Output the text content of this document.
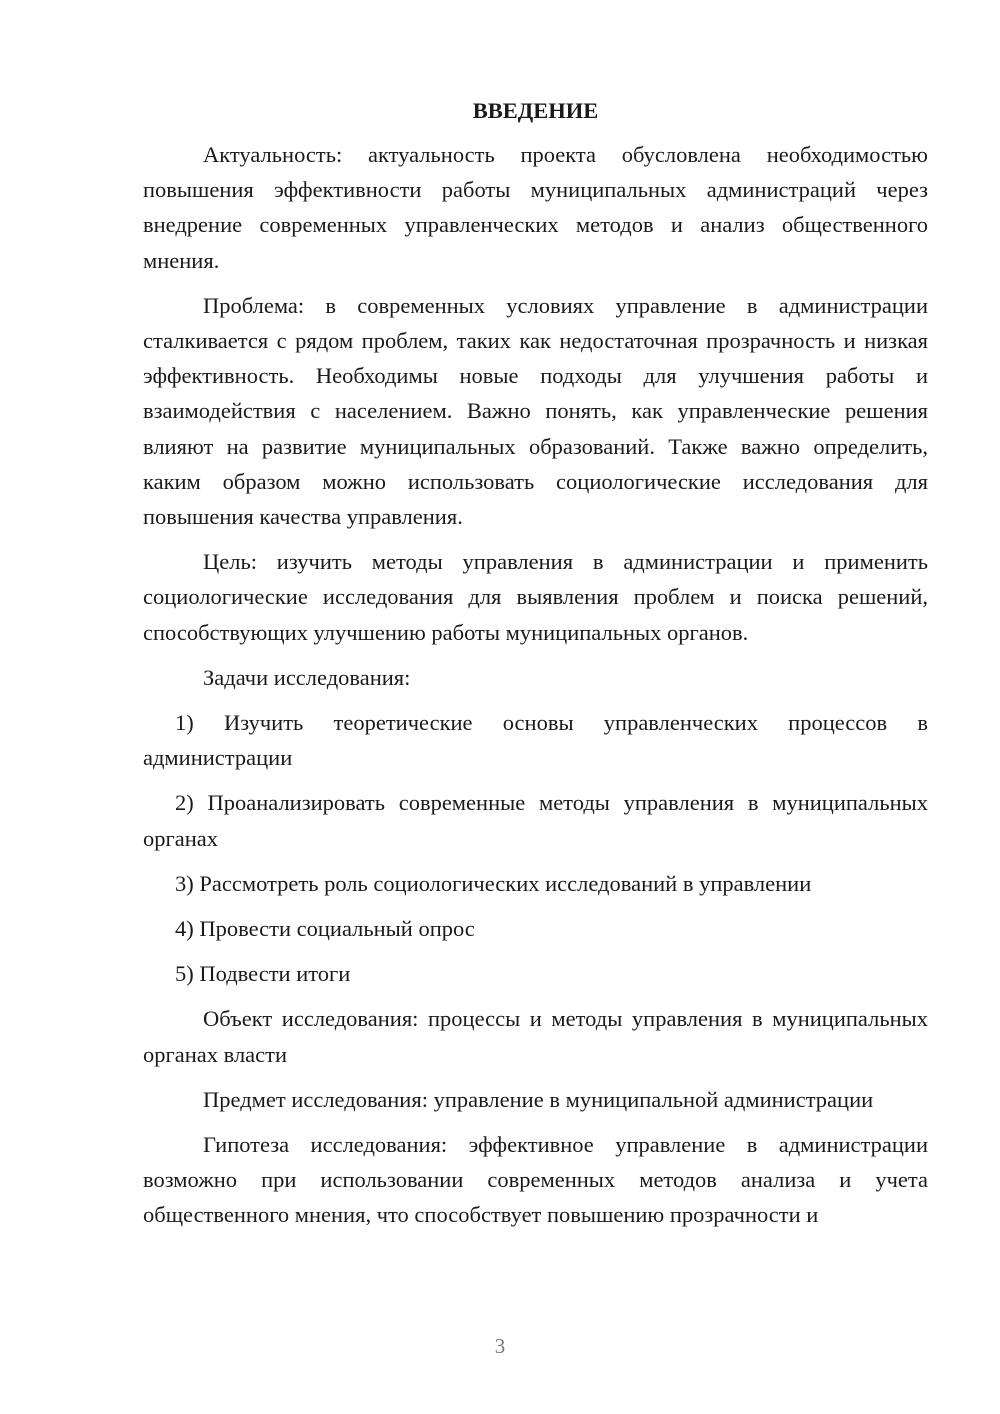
ВВЕДЕНИЕ

Актуальность: актуальность проекта обусловлена необходимостью повышения эффективности работы муниципальных администраций через внедрение современных управленческих методов и анализ общественного мнения.

Проблема: в современных условиях управление в администрации сталкивается с рядом проблем, таких как недостаточная прозрачность и низкая эффективность. Необходимы новые подходы для улучшения работы и взаимодействия с населением. Важно понять, как управленческие решения влияют на развитие муниципальных образований. Также важно определить, каким образом можно использовать социологические исследования для повышения качества управления.

Цель: изучить методы управления в администрации и применить социологические исследования для выявления проблем и поиска решений, способствующих улучшению работы муниципальных органов.

Задачи исследования:

1) Изучить теоретические основы управленческих процессов в администрации

2) Проанализировать современные методы управления в муниципальных органах

3) Рассмотреть роль социологических исследований в управлении

4) Провести социальный опрос

5) Подвести итоги

Объект исследования: процессы и методы управления в муниципальных органах власти

Предмет исследования: управление в муниципальной администрации

Гипотеза исследования: эффективное управление в администрации возможно при использовании современных методов анализа и учета общественного мнения, что способствует повышению прозрачности и

3
